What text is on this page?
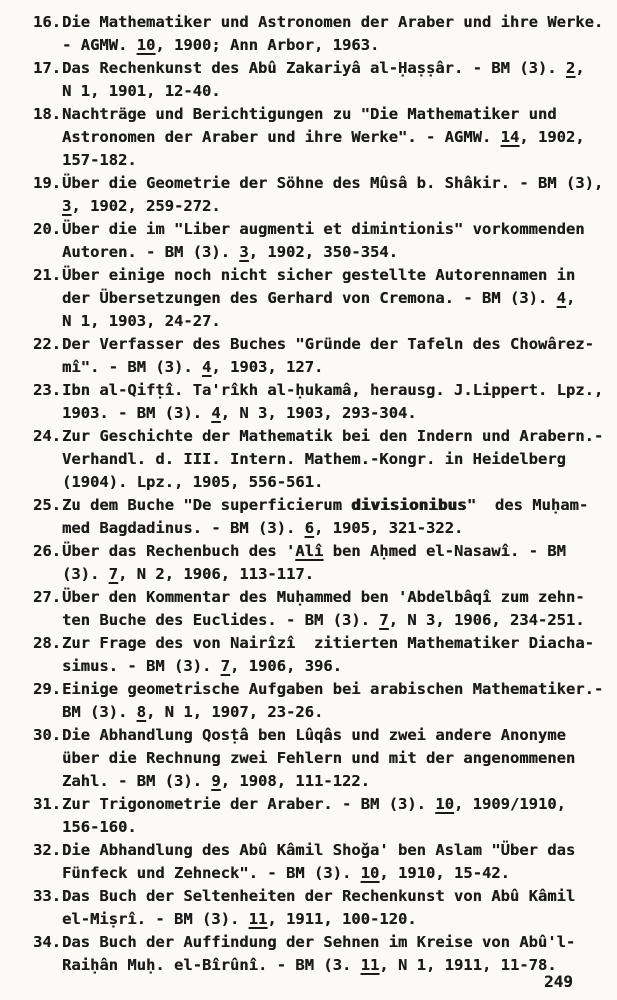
16. Die Mathematiker und Astronomen der Araber und ihre Werke.
- AGMW. 10, 1900; Ann Arbor, 1963.
17. Das Rechenkunst des Abû Zakariyâ al-Ḥaṣṣâr. - BM (3). 2,
N 1, 1901, 12-40.
18. Nachträge und Berichtigungen zu "Die Mathematiker und
Astronomen der Araber und ihre Werke". - AGMW. 14, 1902,
157-182.
19. Über die Geometrie der Söhne des Mûsâ b. Shâkir. - BM (3),
3, 1902, 259-272.
20. Über die im "Liber augmenti et dimintionis" vorkommenden
Autoren. - BM (3). 3, 1902, 350-354.
21. Über einige noch nicht sicher gestellte Autorennamen in
der Übersetzungen des Gerhard von Cremona. - BM (3). 4,
N 1, 1903, 24-27.
22. Der Verfasser des Buches "Gründe der Tafeln des Chowârez-
mî". - BM (3). 4, 1903, 127.
23. Ibn al-Qifṭî. Ta'rîkh al-ḥukamâ, herausg. J.Lippert. Lpz.,
1903. - BM (3). 4, N 3, 1903, 293-304.
24. Zur Geschichte der Mathematik bei den Indern und Arabern.-
Verhandl. d. III. Intern. Mathem.-Kongr. in Heidelberg
(1904). Lpz., 1905, 556-561.
25. Zu dem Buche "De superficierum divisionibus"  des Muḥam-
med Bagdadinus. - BM (3). 6, 1905, 321-322.
26. Über das Rechenbuch des 'Alî ben Aḥmed el-Nasawî. - BM
(3). 7, N 2, 1906, 113-117.
27. Über den Kommentar des Muḥammed ben 'Abdelbâqî zum zehn-
ten Buche des Euclides. - BM (3). 7, N 3, 1906, 234-251.
28. Zur Frage des von Nairîzî  zitierten Mathematiker Diacha-
simus. - BM (3). 7, 1906, 396.
29. Einige geometrische Aufgaben bei arabischen Mathematiker.-
BM (3). 8, N 1, 1907, 23-26.
30. Die Abhandlung Qosṭâ ben Lûqâs und zwei andere Anonyme
über die Rechnung zwei Fehlern und mit der angenommenen
Zahl. - BM (3). 9, 1908, 111-122.
31. Zur Trigonometrie der Araber. - BM (3). 10, 1909/1910,
156-160.
32. Die Abhandlung des Abû Kâmil Shoǧa' ben Aslam "Über das
Fünfeck und Zehneck". - BM (3). 10, 1910, 15-42.
33. Das Buch der Seltenheiten der Rechenkunst von Abû Kâmil
el-Miṣrî. - BM (3). 11, 1911, 100-120.
34. Das Buch der Auffindung der Sehnen im Kreise von Abû'l-
Raiḥân Muḥ. el-Bîrûnî. - BM (3. 11, N 1, 1911, 11-78.
249
